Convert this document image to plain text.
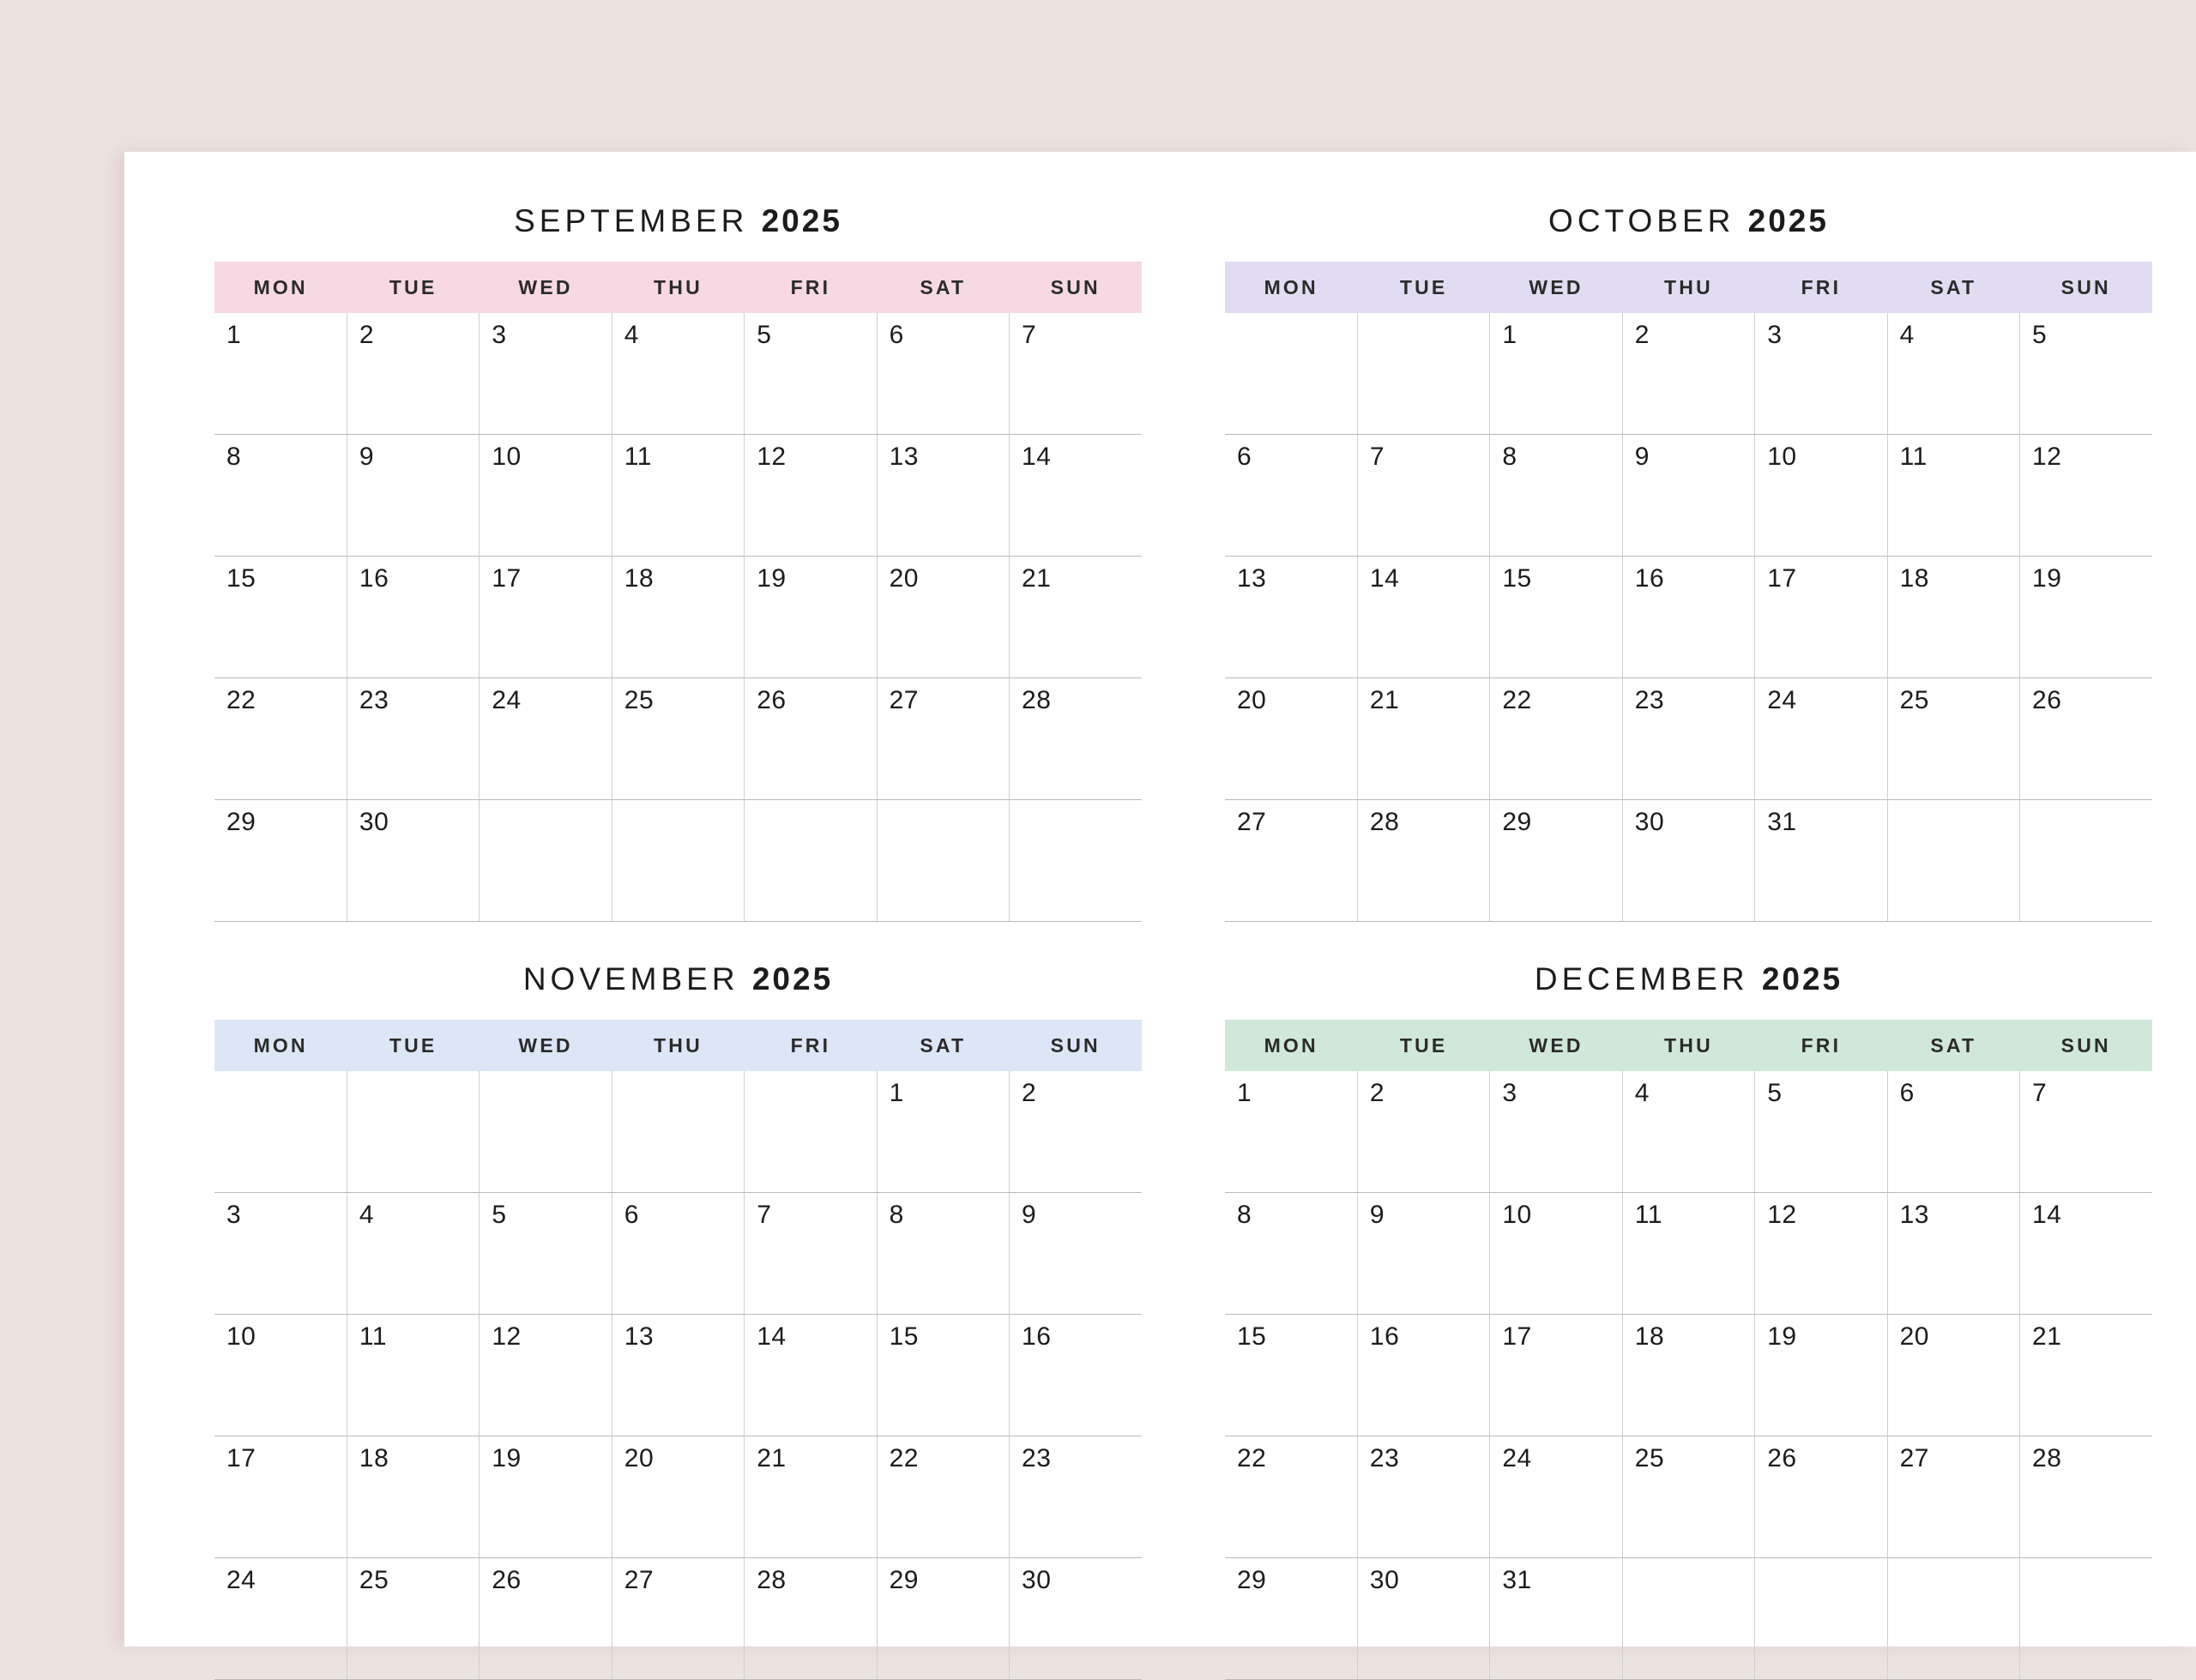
SEPTEMBER 2025
MON	TUE	WED	THU	FRI	SAT	SUN
1	2	3	4	5	6	7
8	9	10	11	12	13	14
15	16	17	18	19	20	21
22	23	24	25	26	27	28
29	30					
OCTOBER 2025
MON	TUE	WED	THU	FRI	SAT	SUN
		1	2	3	4	5
6	7	8	9	10	11	12
13	14	15	16	17	18	19
20	21	22	23	24	25	26
27	28	29	30	31		
NOVEMBER 2025
MON	TUE	WED	THU	FRI	SAT	SUN
					1	2
3	4	5	6	7	8	9
10	11	12	13	14	15	16
17	18	19	20	21	22	23
24	25	26	27	28	29	30
DECEMBER 2025
MON	TUE	WED	THU	FRI	SAT	SUN
1	2	3	4	5	6	7
8	9	10	11	12	13	14
15	16	17	18	19	20	21
22	23	24	25	26	27	28
29	30	31				
